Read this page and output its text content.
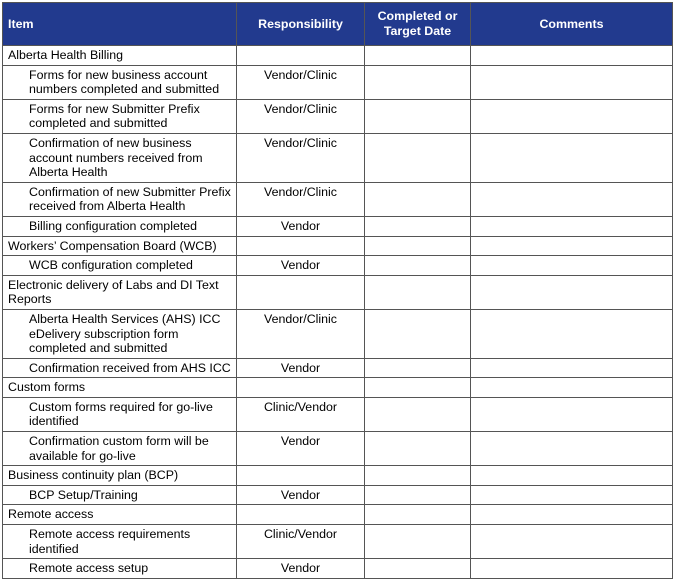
Item	Responsibility	Completed or Target Date	Comments
Alberta Health Billing			
Forms for new business account numbers completed and submitted	Vendor/Clinic		
Forms for new Submitter Prefix completed and submitted	Vendor/Clinic		
Confirmation of new business account numbers received from Alberta Health	Vendor/Clinic		
Confirmation of new Submitter Prefix received from Alberta Health	Vendor/Clinic		
Billing configuration completed	Vendor		
Workers’ Compensation Board (WCB)			
WCB configuration completed	Vendor		
Electronic delivery of Labs and DI Text Reports			
Alberta Health Services (AHS) ICC eDelivery subscription form completed and submitted	Vendor/Clinic		
Confirmation received from AHS ICC	Vendor		
Custom forms			
Custom forms required for go-live identified	Clinic/Vendor		
Confirmation custom form will be available for go-live	Vendor		
Business continuity plan (BCP)			
BCP Setup/Training	Vendor		
Remote access			
Remote access requirements identified	Clinic/Vendor		
Remote access setup	Vendor		
